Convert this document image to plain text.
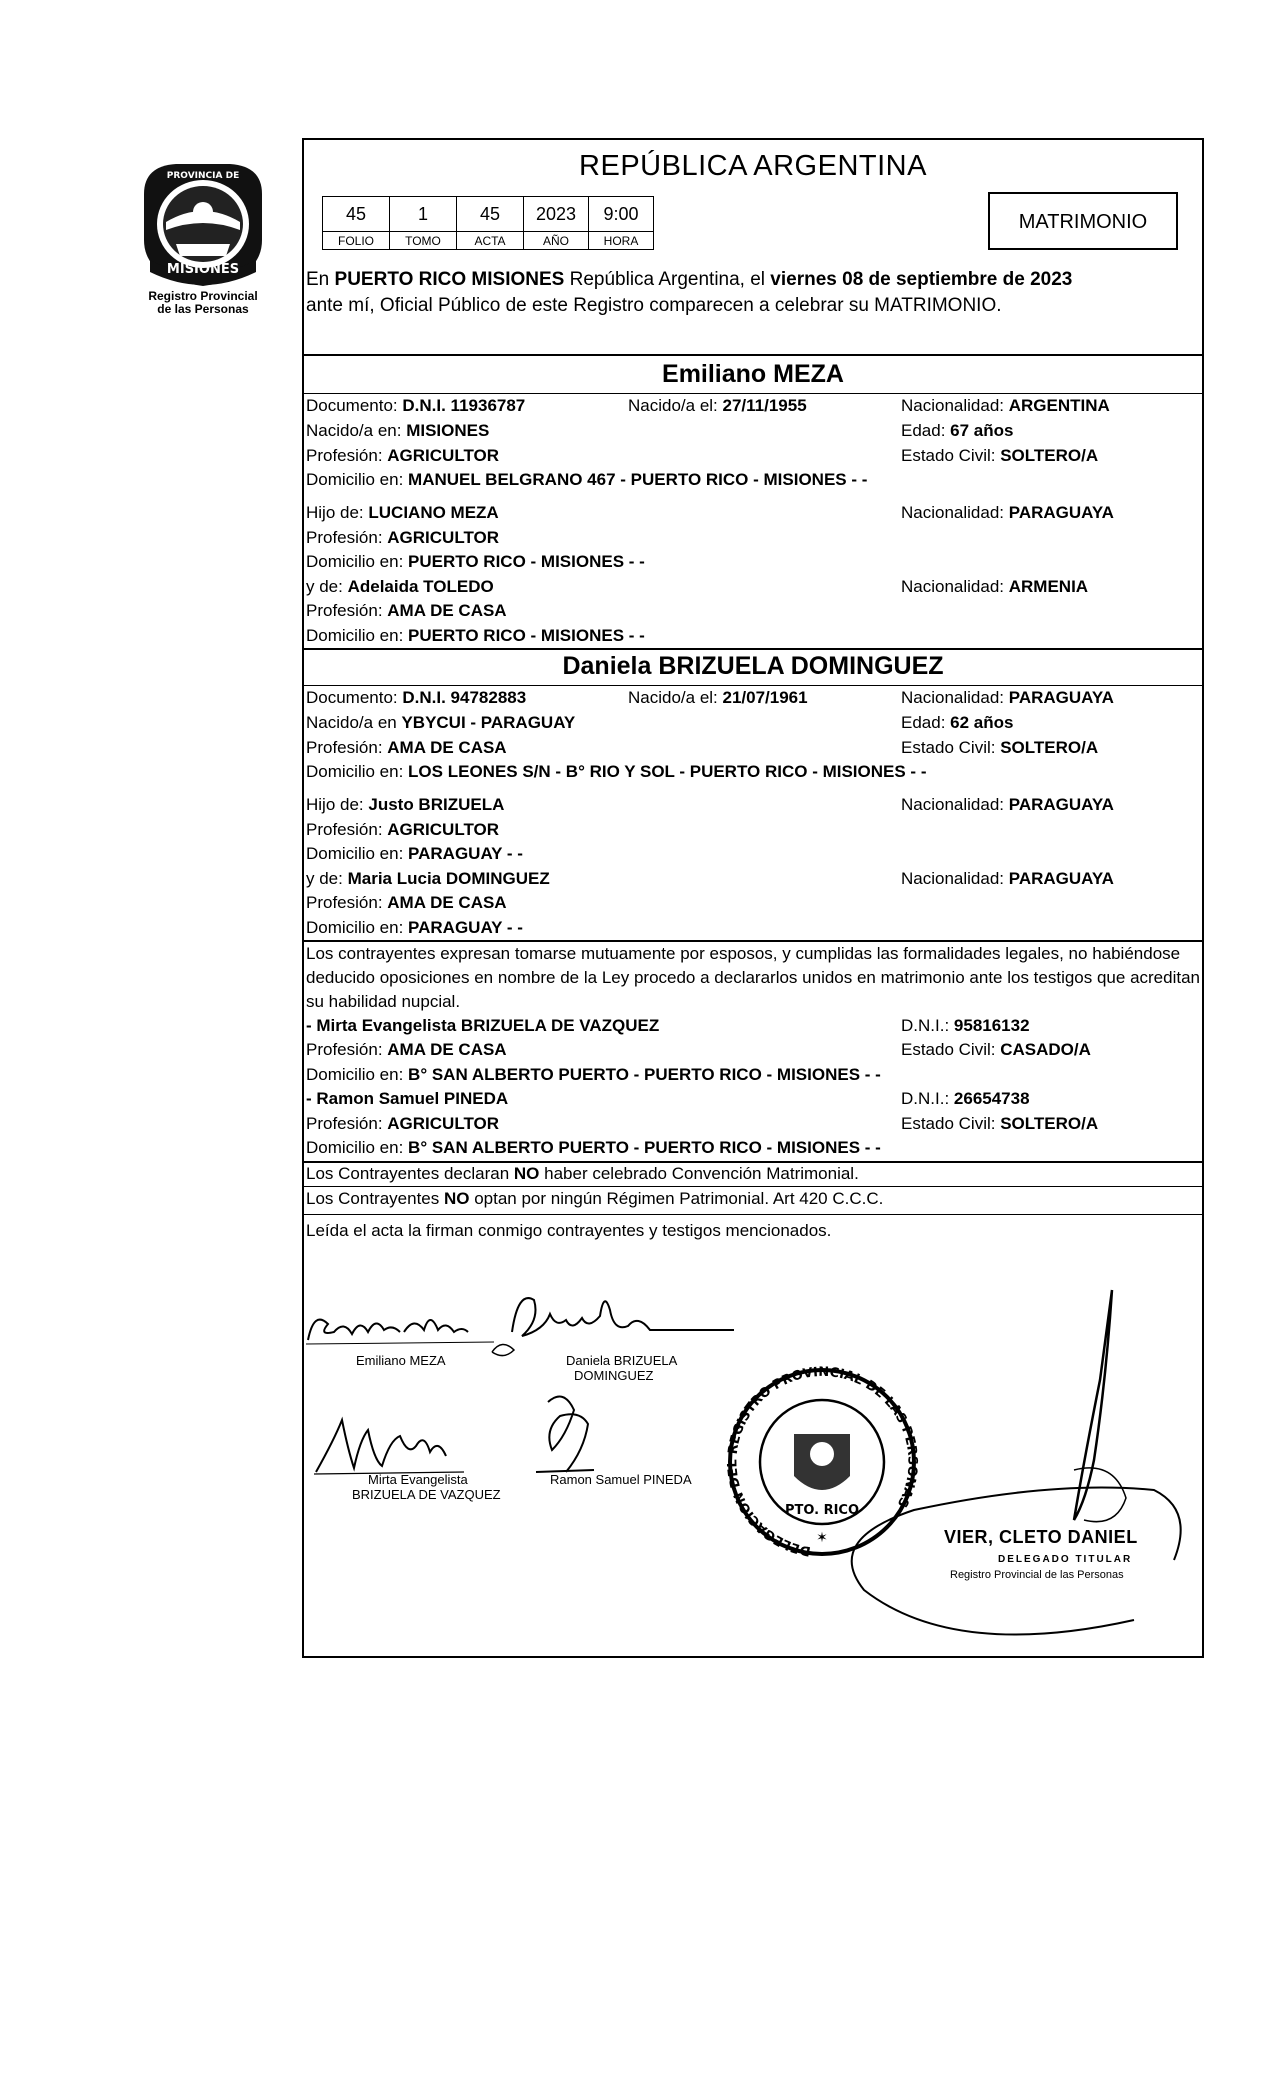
MISIONES
PROVINCIA DE
Registro Provincial
de las Personas
REPÚBLICA ARGENTINA
45	1	45	2023	9:00
FOLIO	TOMO	ACTA	AÑO	HORA
MATRIMONIO
En PUERTO RICO MISIONES República Argentina, el viernes 08 de septiembre de 2023
ante mí, Oficial Público de este Registro comparecen a celebrar su MATRIMONIO.
Emiliano MEZA
Documento: D.N.I. 11936787	Nacido/a el: 27/11/1955	Nacionalidad: ARGENTINA
Nacido/a en: MISIONES	Edad: 67 años
Profesión: AGRICULTOR	Estado Civil: SOLTERO/A
Domicilio en: MANUEL BELGRANO 467 - PUERTO RICO - MISIONES - -
Hijo de: LUCIANO MEZA	Nacionalidad: PARAGUAYA
Profesión: AGRICULTOR
Domicilio en: PUERTO RICO - MISIONES - -
y de: Adelaida TOLEDO	Nacionalidad: ARMENIA
Profesión: AMA DE CASA
Domicilio en: PUERTO RICO - MISIONES - -
Daniela BRIZUELA DOMINGUEZ
Documento: D.N.I. 94782883	Nacido/a el: 21/07/1961	Nacionalidad: PARAGUAYA
Nacido/a en YBYCUI - PARAGUAY	Edad: 62 años
Profesión: AMA DE CASA	Estado Civil: SOLTERO/A
Domicilio en: LOS LEONES S/N - B° RIO Y SOL - PUERTO RICO - MISIONES - -
Hijo de: Justo BRIZUELA	Nacionalidad: PARAGUAYA
Profesión: AGRICULTOR
Domicilio en: PARAGUAY - -
y de: Maria Lucia DOMINGUEZ	Nacionalidad: PARAGUAYA
Profesión: AMA DE CASA
Domicilio en: PARAGUAY - -
Los contrayentes expresan tomarse mutuamente por esposos, y cumplidas las formalidades legales, no habiéndose deducido oposiciones en nombre de la Ley procedo a declararlos unidos en matrimonio ante los testigos que acreditan su habilidad nupcial.
- Mirta Evangelista BRIZUELA DE VAZQUEZ	D.N.I.: 95816132
Profesión: AMA DE CASA	Estado Civil: CASADO/A
Domicilio en: B° SAN ALBERTO PUERTO - PUERTO RICO - MISIONES - -
- Ramon Samuel PINEDA	D.N.I.: 26654738
Profesión: AGRICULTOR	Estado Civil: SOLTERO/A
Domicilio en: B° SAN ALBERTO PUERTO - PUERTO RICO - MISIONES - -
Los Contrayentes declaran NO haber celebrado Convención Matrimonial.
Los Contrayentes NO optan por ningún Régimen Patrimonial. Art 420 C.C.C.
Leída el acta la firman conmigo contrayentes y testigos mencionados.
Emiliano MEZA	Daniela BRIZUELA
DOMINGUEZ
Mirta Evangelista
BRIZUELA DE VAZQUEZ
Ramon Samuel PINEDA
DELEGACION DEL REGISTRO PROVINCIAL DE LAS PERSONAS
PTO. RICO
✶	VIER, CLETO DANIEL
DELEGADO TITULAR
Registro Provincial de las Personas
